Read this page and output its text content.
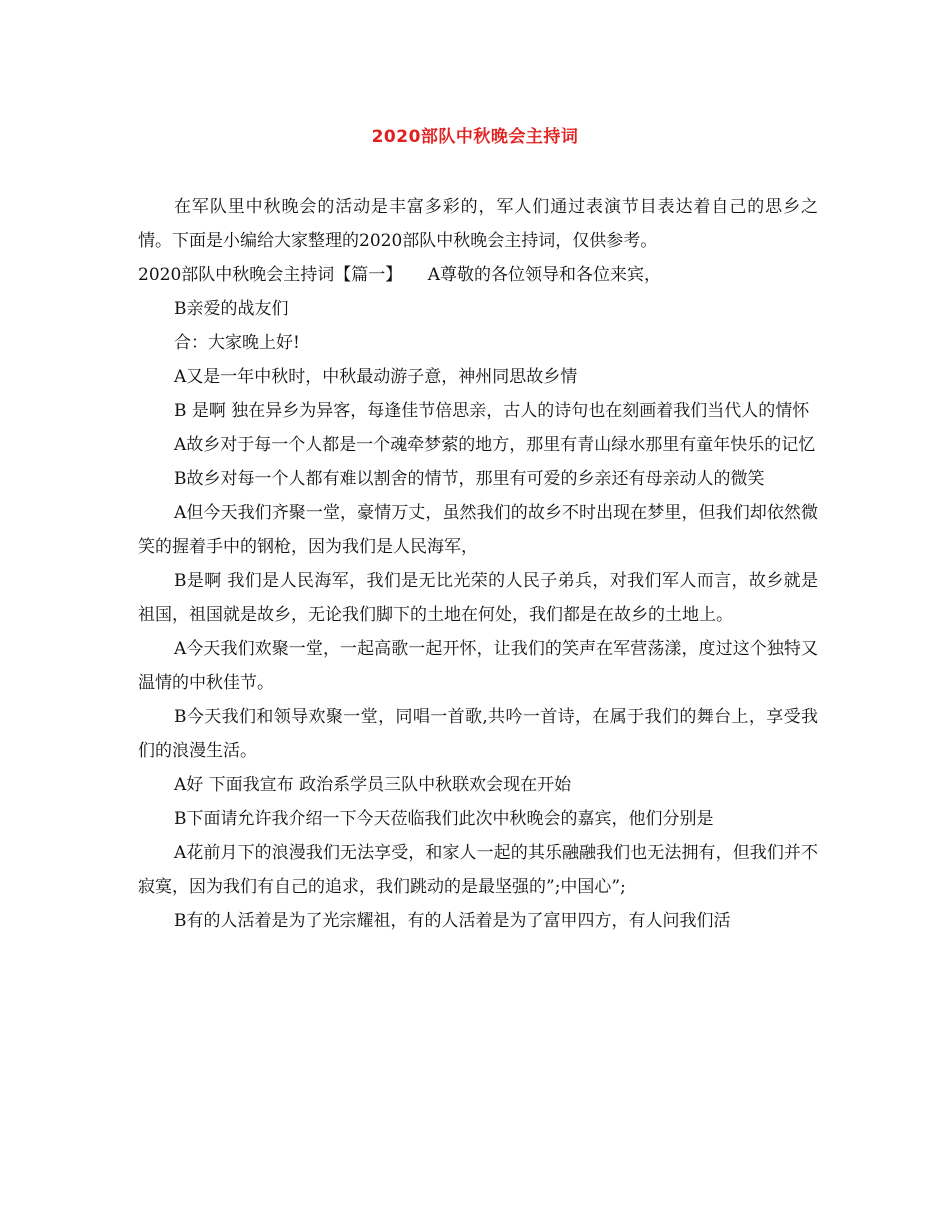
2020部队中秋晚会主持词

在军队里中秋晚会的活动是丰富多彩的，军人们通过表演节目表达着自己的思乡之情。下面是小编给大家整理的2020部队中秋晚会主持词，仅供参考。

2020部队中秋晚会主持词【篇一】　　A尊敬的各位领导和各位来宾，

B亲爱的战友们

合：大家晚上好!

A又是一年中秋时，中秋最动游子意，神州同思故乡情

B 是啊 独在异乡为异客，每逢佳节倍思亲，古人的诗句也在刻画着我们当代人的情怀

A故乡对于每一个人都是一个魂牵梦萦的地方，那里有青山绿水那里有童年快乐的记忆

B故乡对每一个人都有难以割舍的情节，那里有可爱的乡亲还有母亲动人的微笑

A但今天我们齐聚一堂，豪情万丈，虽然我们的故乡不时出现在梦里，但我们却依然微笑的握着手中的钢枪，因为我们是人民海军，

B是啊 我们是人民海军，我们是无比光荣的人民子弟兵，对我们军人而言，故乡就是祖国，祖国就是故乡，无论我们脚下的土地在何处，我们都是在故乡的土地上。

A今天我们欢聚一堂，一起高歌一起开怀，让我们的笑声在军营荡漾，度过这个独特又温情的中秋佳节。

B今天我们和领导欢聚一堂，同唱一首歌,共吟一首诗，在属于我们的舞台上，享受我们的浪漫生活。

A好 下面我宣布 政治系学员三队中秋联欢会现在开始

B下面请允许我介绍一下今天莅临我们此次中秋晚会的嘉宾，他们分别是

A花前月下的浪漫我们无法享受，和家人一起的其乐融融我们也无法拥有，但我们并不寂寞，因为我们有自己的追求，我们跳动的是最坚强的”;中国心”;

B有的人活着是为了光宗耀祖，有的人活着是为了富甲四方，有人问我们活
